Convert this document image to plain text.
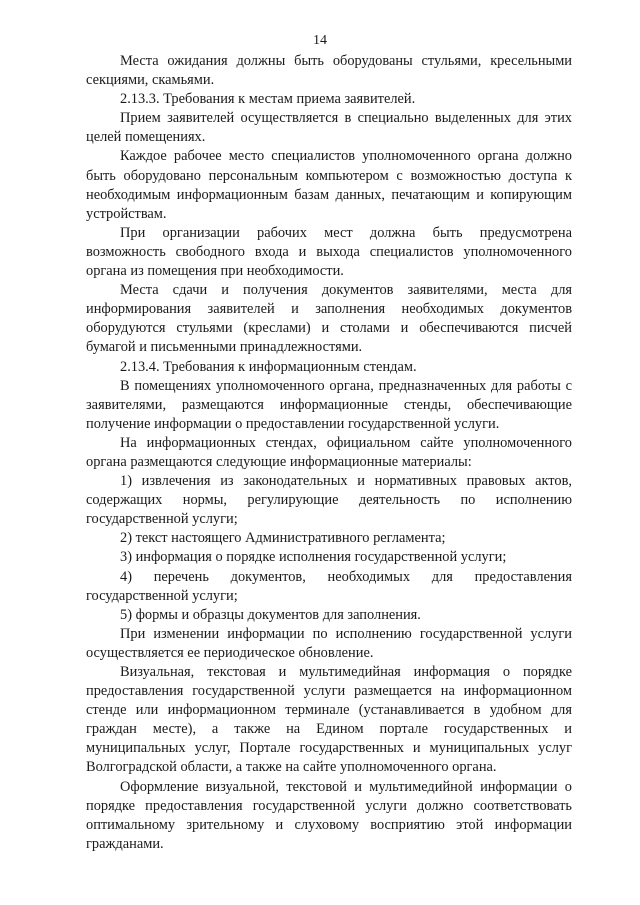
14

Места ожидания должны быть оборудованы стульями, кресельными секциями, скамьями.

2.13.3. Требования к местам приема заявителей.

Прием заявителей осуществляется в специально выделенных для этих целей помещениях.

Каждое рабочее место специалистов уполномоченного органа должно быть оборудовано персональным компьютером с возможностью доступа к необходимым информационным базам данных, печатающим и копирующим устройствам.

При организации рабочих мест должна быть предусмотрена возможность свободного входа и выхода специалистов уполномоченного органа из помещения при необходимости.

Места сдачи и получения документов заявителями, места для информирования заявителей и заполнения необходимых документов оборудуются стульями (креслами) и столами и обеспечиваются писчей бумагой и письменными принадлежностями.

2.13.4. Требования к информационным стендам.

В помещениях уполномоченного органа, предназначенных для работы с заявителями, размещаются информационные стенды, обеспечивающие получение информации о предоставлении государственной услуги.

На информационных стендах, официальном сайте уполномоченного органа размещаются следующие информационные материалы:

1) извлечения из законодательных и нормативных правовых актов, содержащих нормы, регулирующие деятельность по исполнению государственной услуги;

2) текст настоящего Административного регламента;

3) информация о порядке исполнения государственной услуги;

4) перечень документов, необходимых для предоставления государственной услуги;

5) формы и образцы документов для заполнения.

При изменении информации по исполнению государственной услуги осуществляется ее периодическое обновление.

Визуальная, текстовая и мультимедийная информация о порядке предоставления государственной услуги размещается на информационном стенде или информационном терминале (устанавливается в удобном для граждан месте), а также на Едином портале государственных и муниципальных услуг, Портале государственных и муниципальных услуг Волгоградской области, а также на сайте уполномоченного органа.

Оформление визуальной, текстовой и мультимедийной информации о порядке предоставления государственной услуги должно соответствовать оптимальному зрительному и слуховому восприятию этой информации гражданами.
